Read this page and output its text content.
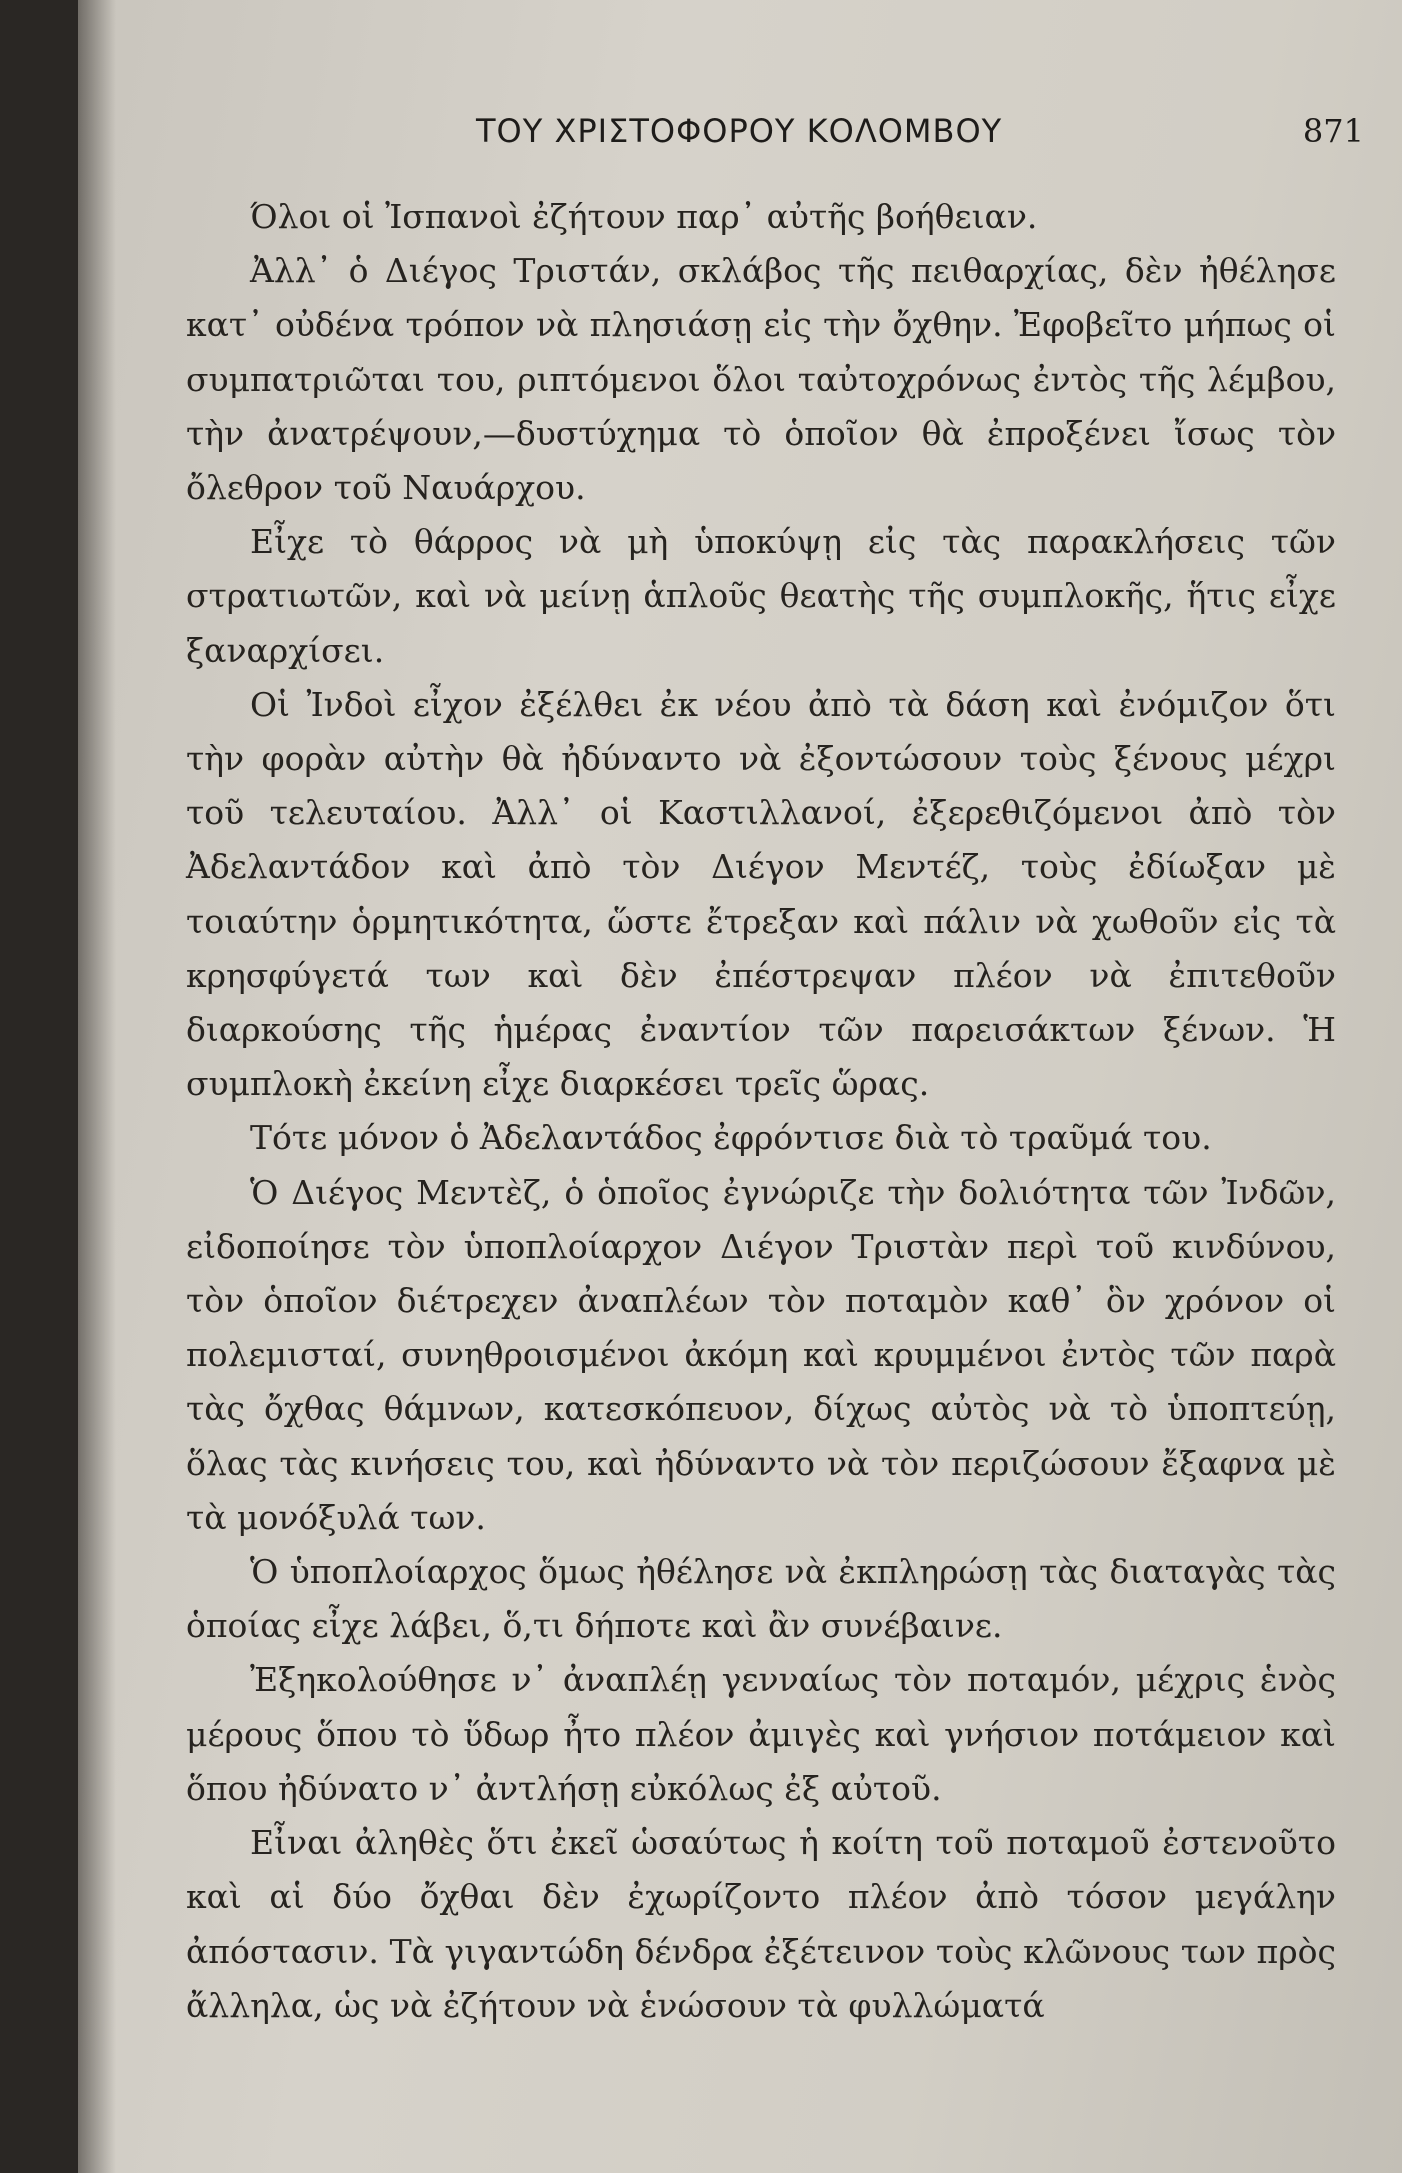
ΤΟΥ ΧΡΙΣΤΟΦΟΡΟΥ ΚΟΛΟΜΒΟΥ	871

Όλοι οἱ Ἰσπανοὶ ἐζήτουν παρ᾿ αὐτῆς βοήθειαν.

Ἀλλ᾿ ὁ Διέγος Τριστάν, σκλάβος τῆς πειθαρχίας, δὲν ἠθέλησε κατ᾿ οὐδένα τρόπον νὰ πλησιάσῃ εἰς τὴν ὄχθην. Ἐφοβεῖτο μήπως οἱ συμπατριῶται του, ριπτόμενοι ὅλοι ταὐτοχρόνως ἐντὸς τῆς λέμβου, τὴν ἀνατρέψουν,—δυστύχημα τὸ ὁποῖον θὰ ἐπροξένει ἴσως τὸν ὄλεθρον τοῦ Ναυάρχου.

Εἶχε τὸ θάρρος νὰ μὴ ὑποκύψῃ εἰς τὰς παρακλήσεις τῶν στρατιωτῶν, καὶ νὰ μείνῃ ἁπλοῦς θεατὴς τῆς συμπλοκῆς, ἥτις εἶχε ξαναρχίσει.

Οἱ Ἰνδοὶ εἶχον ἐξέλθει ἐκ νέου ἀπὸ τὰ δάση καὶ ἐνόμιζον ὅτι τὴν φορὰν αὐτὴν θὰ ἠδύναντο νὰ ἐξοντώσουν τοὺς ξένους μέχρι τοῦ τελευταίου. Ἀλλ᾿ οἱ Καστιλλανοί, ἐξερεθιζόμενοι ἀπὸ τὸν Ἀδελαντάδον καὶ ἀπὸ τὸν Διέγον Μεντέζ, τοὺς ἐδίωξαν μὲ τοιαύτην ὁρμητικότητα, ὥστε ἔτρεξαν καὶ πάλιν νὰ χωθοῦν εἰς τὰ κρησφύγετά των καὶ δὲν ἐπέστρεψαν πλέον νὰ ἐπιτεθοῦν διαρκούσης τῆς ἡμέρας ἐναντίον τῶν παρεισάκτων ξένων. Ἡ συμπλοκὴ ἐκείνη εἶχε διαρκέσει τρεῖς ὥρας.

Τότε μόνον ὁ Ἀδελαντάδος ἐφρόντισε διὰ τὸ τραῦμά του.

Ὁ Διέγος Μεντὲζ, ὁ ὁποῖος ἐγνώριζε τὴν δολιότητα τῶν Ἰνδῶν, εἰδοποίησε τὸν ὑποπλοίαρχον Διέγον Τριστὰν περὶ τοῦ κινδύνου, τὸν ὁποῖον διέτρεχεν ἀναπλέων τὸν ποταμὸν καθ᾿ ὃν χρόνον οἱ πολεμισταί, συνηθροισμένοι ἀκόμη καὶ κρυμμένοι ἐντὸς τῶν παρὰ τὰς ὄχθας θάμνων, κατεσκόπευον, δίχως αὐτὸς νὰ τὸ ὑποπτεύῃ, ὅλας τὰς κινήσεις του, καὶ ἠδύναντο νὰ τὸν περιζώσουν ἔξαφνα μὲ τὰ μονόξυλά των.

Ὁ ὑποπλοίαρχος ὅμως ἠθέλησε νὰ ἐκπληρώσῃ τὰς διαταγὰς τὰς ὁποίας εἶχε λάβει, ὅ,τι δήποτε καὶ ἂν συνέβαινε.

Ἐξηκολούθησε ν᾿ ἀναπλέῃ γενναίως τὸν ποταμόν, μέχρις ἑνὸς μέρους ὅπου τὸ ὕδωρ ἦτο πλέον ἀμιγὲς καὶ γνήσιον ποτάμειον καὶ ὅπου ἠδύνατο ν᾿ ἀντλήσῃ εὐκόλως ἐξ αὐτοῦ.

Εἶναι ἀληθὲς ὅτι ἐκεῖ ὡσαύτως ἡ κοίτη τοῦ ποταμοῦ ἐστενοῦτο καὶ αἱ δύο ὄχθαι δὲν ἐχωρίζοντο πλέον ἀπὸ τόσον μεγάλην ἀπόστασιν. Τὰ γιγαντώδη δένδρα ἐξέτεινον τοὺς κλῶνους των πρὸς ἄλληλα, ὡς νὰ ἐζήτουν νὰ ἑνώσουν τὰ φυλλώματά
